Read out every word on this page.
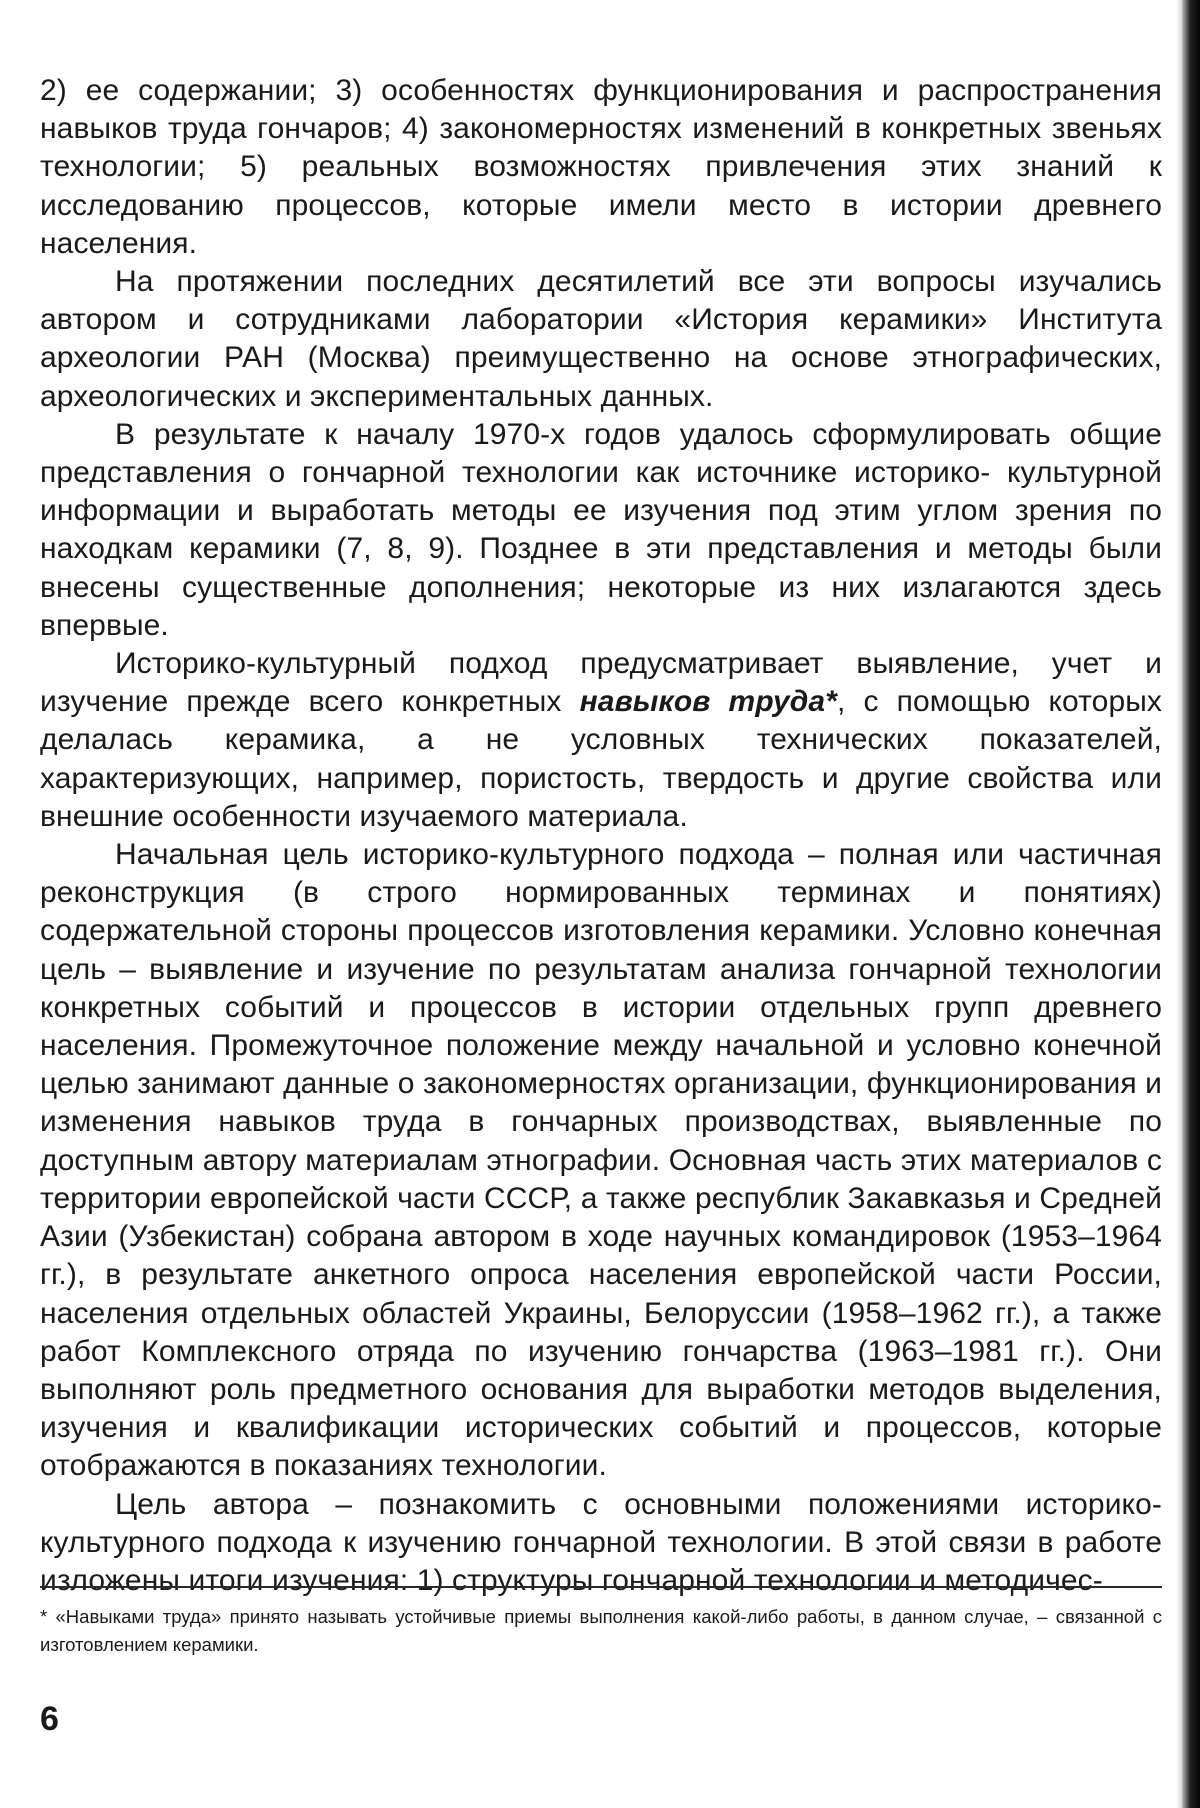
2) ее содержании; 3) особенностях функционирования и распространения навыков труда гончаров; 4) закономерностях изменений в конкретных звеньях технологии; 5) реальных возможностях привлечения этих знаний к исследованию процессов, которые имели место в истории древнего населения.

На протяжении последних десятилетий все эти вопросы изучались автором и сотрудниками лаборатории «История керамики» Института археологии РАН (Москва) преимущественно на основе этнографических, археологических и экспериментальных данных.

В результате к началу 1970-х годов удалось сформулировать общие представления о гончарной технологии как источнике историко- культурной информации и выработать методы ее изучения под этим углом зрения по находкам керамики (7, 8, 9). Позднее в эти представления и методы были внесены существенные дополнения; некоторые из них излагаются здесь впервые.

Историко-культурный подход предусматривает выявление, учет и изучение прежде всего конкретных навыков труда*, с помощью которых делалась керамика, а не условных технических показателей, характеризующих, например, пористость, твердость и другие свойства или внешние особенности изучаемого материала.

Начальная цель историко-культурного подхода – полная или частичная реконструкция (в строго нормированных терминах и понятиях) содержательной стороны процессов изготовления керамики. Условно конечная цель – выявление и изучение по результатам анализа гончарной технологии конкретных событий и процессов в истории отдельных групп древнего населения. Промежуточное положение между начальной и условно конечной целью занимают данные о закономерностях организации, функционирования и изменения навыков труда в гончарных производствах, выявленные по доступным автору материалам этнографии. Основная часть этих материалов с территории европейской части СССР, а также республик Закавказья и Средней Азии (Узбекистан) собрана автором в ходе научных командировок (1953–1964 гг.), в результате анкетного опроса населения европейской части России, населения отдельных областей Украины, Белоруссии (1958–1962 гг.), а также работ Комплексного отряда по изучению гончарства (1963–1981 гг.). Они выполняют роль предметного основания для выработки методов выделения, изучения и квалификации исторических событий и процессов, которые отображаются в показаниях технологии.

Цель автора – познакомить с основными положениями историко-культурного подхода к изучению гончарной технологии. В этой связи в работе изложены итоги изучения: 1) структуры гончарной технологии и методичес-

* «Навыками труда» принято называть устойчивые приемы выполнения какой-либо работы, в данном случае, – связанной с изготовлением керамики.

6
